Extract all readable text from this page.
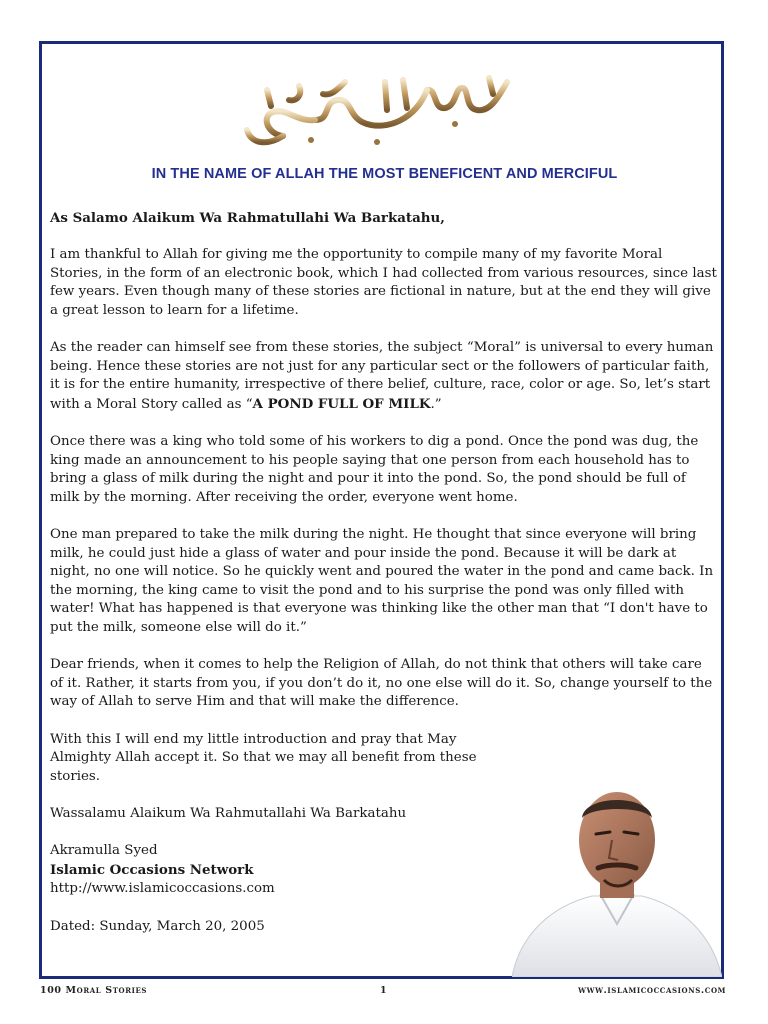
IN THE NAME OF ALLAH THE MOST BENEFICENT AND MERCIFUL

As Salamo Alaikum Wa Rahmatullahi Wa Barkatahu,

I am thankful to Allah for giving me the opportunity to compile many of my favorite Moral Stories, in the form of an electronic book, which I had collected from various resources, since last few years. Even though many of these stories are fictional in nature, but at the end they will give a great lesson to learn for a lifetime.

As the reader can himself see from these stories, the subject “Moral” is universal to every human being. Hence these stories are not just for any particular sect or the followers of particular faith, it is for the entire humanity, irrespective of there belief, culture, race, color or age. So, let’s start with a Moral Story called as “A POND FULL OF MILK.”

Once there was a king who told some of his workers to dig a pond. Once the pond was dug, the king made an announcement to his people saying that one person from each household has to bring a glass of milk during the night and pour it into the pond. So, the pond should be full of milk by the morning. After receiving the order, everyone went home.

One man prepared to take the milk during the night. He thought that since everyone will bring milk, he could just hide a glass of water and pour inside the pond. Because it will be dark at night, no one will notice. So he quickly went and poured the water in the pond and came back. In the morning, the king came to visit the pond and to his surprise the pond was only filled with water! What has happened is that everyone was thinking like the other man that “I don't have to put the milk, someone else will do it.”

Dear friends, when it comes to help the Religion of Allah, do not think that others will take care of it. Rather, it starts from you, if you don’t do it, no one else will do it. So, change yourself to the way of Allah to serve Him and that will make the difference.

With this I will end my little introduction and pray that May Almighty Allah accept it. So that we may all benefit from these stories.

Wassalamu Alaikum Wa Rahmutallahi Wa Barkatahu

Akramulla Syed
Islamic Occasions Network
http://www.islamicoccasions.com

Dated: Sunday, March 20, 2005

100 Moral Stories	1	www.islamicoccasions.com
